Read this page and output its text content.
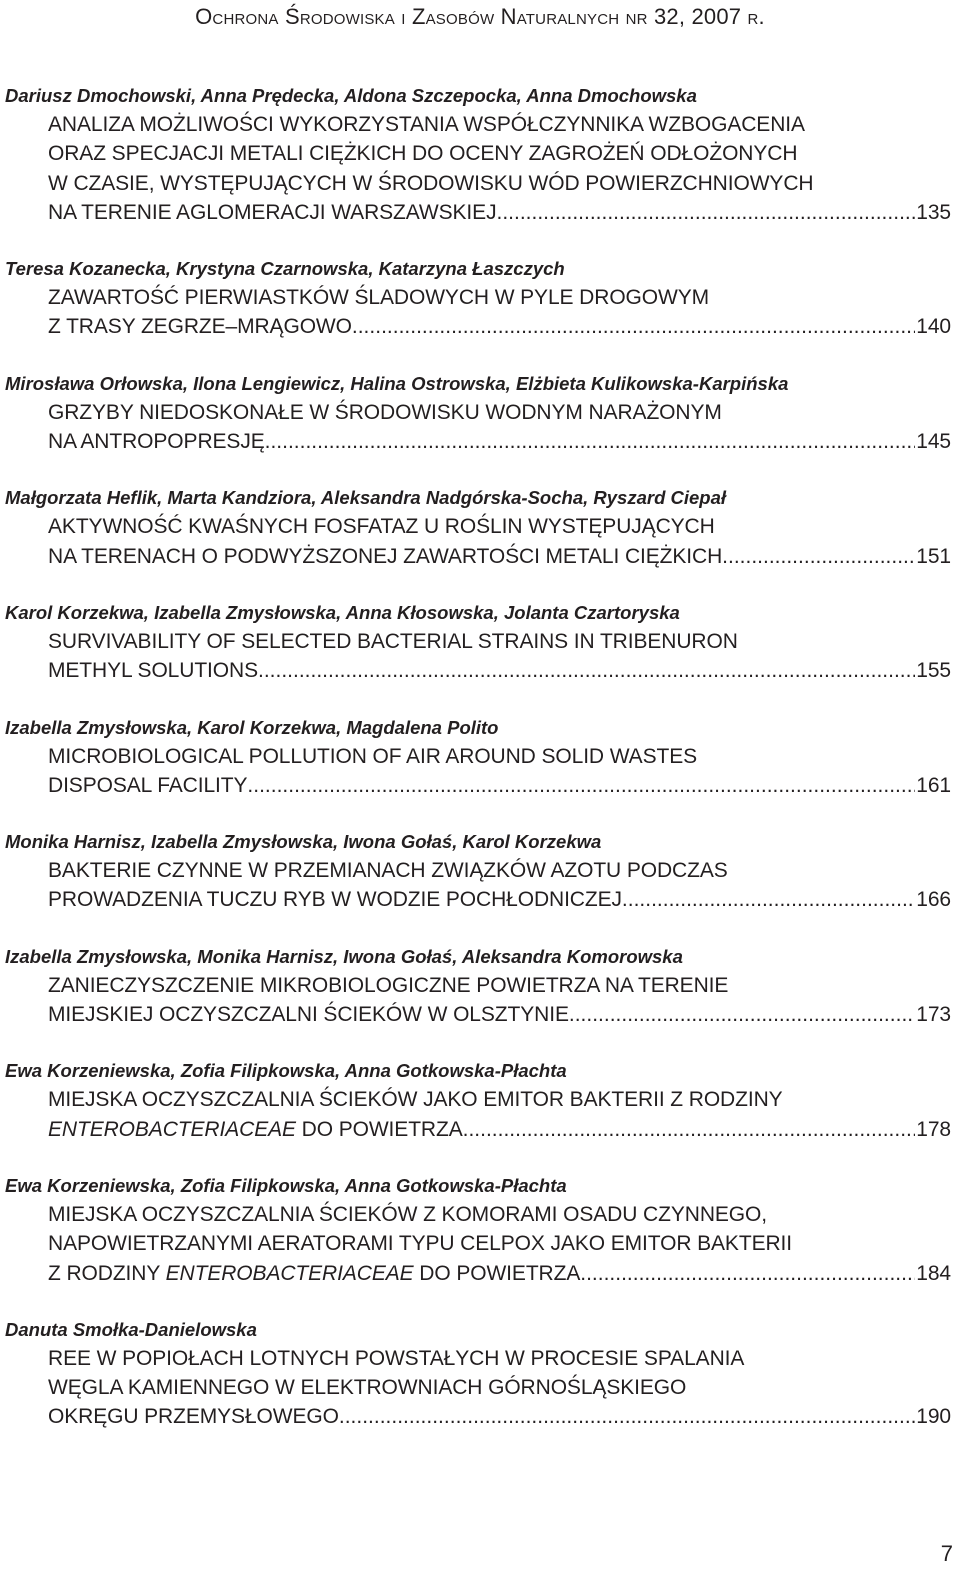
Ochrona Środowiska i Zasobów Naturalnych nr 32, 2007 r.
Dariusz Dmochowski, Anna Prędecka, Aldona Szczepocka, Anna Dmochowska
ANALIZA MOŻLIWOŚCI WYKORZYSTANIA WSPÓŁCZYNNIKA WZBOGACENIA
ORAZ SPECJACJI METALI CIĘŻKICH DO OCENY ZAGROŻEŃ ODŁOŻONYCH
W CZASIE, WYSTĘPUJĄCYCH W ŚRODOWISKU WÓD POWIERZCHNIOWYCH
NA TERENIE AGLOMERACJI WARSZAWSKIEJ .....	135
Teresa Kozanecka, Krystyna Czarnowska, Katarzyna Łaszczych
ZAWARTOŚĆ PIERWIASTKÓW ŚLADOWYCH W PYLE DROGOWYM
Z TRASY ZEGRZE–MRĄGOWO .....	140
Mirosława Orłowska, Ilona Lengiewicz, Halina Ostrowska, Elżbieta Kulikowska-Karpińska
GRZYBY NIEDOSKONAŁE W ŚRODOWISKU WODNYM NARAŻONYM
NA ANTROPOPRESJĘ .....	145
Małgorzata Heflik, Marta Kandziora, Aleksandra Nadgórska-Socha, Ryszard Ciepał
AKTYWNOŚĆ KWAŚNYCH FOSFATAZ U ROŚLIN WYSTĘPUJĄCYCH
NA TERENACH O PODWYŻSZONEJ ZAWARTOŚCI METALI CIĘŻKICH .....	151
Karol Korzekwa, Izabella Zmysłowska, Anna Kłosowska, Jolanta Czartoryska
SURVIVABILITY OF SELECTED BACTERIAL STRAINS IN TRIBENURON
METHYL SOLUTIONS .....	155
Izabella Zmysłowska, Karol Korzekwa, Magdalena Polito
MICROBIOLOGICAL POLLUTION OF AIR AROUND SOLID WASTES
DISPOSAL FACILITY .....	161
Monika Harnisz, Izabella Zmysłowska, Iwona Gołaś, Karol Korzekwa
BAKTERIE CZYNNE W PRZEMIANACH ZWIĄZKÓW AZOTU PODCZAS
PROWADZENIA TUCZU RYB W WODZIE POCHŁODNICZEJ .....	166
Izabella Zmysłowska, Monika Harnisz, Iwona Gołaś, Aleksandra Komorowska
ZANIECZYSZCZENIE MIKROBIOLOGICZNE POWIETRZA NA TERENIE
MIEJSKIEJ OCZYSZCZALNI ŚCIEKÓW W OLSZTYNIE .....	173
Ewa Korzeniewska, Zofia Filipkowska, Anna Gotkowska-Płachta
MIEJSKA OCZYSZCZALNIA ŚCIEKÓW JAKO EMITOR BAKTERII Z RODZINY
ENTEROBACTERIACEAE DO POWIETRZA .....	178
Ewa Korzeniewska, Zofia Filipkowska, Anna Gotkowska-Płachta
MIEJSKA OCZYSZCZALNIA ŚCIEKÓW Z KOMORAMI OSADU CZYNNEGO,
NAPOWIETRZANYMI AERATORAMI TYPU CELPOX JAKO EMITOR BAKTERII
Z RODZINY ENTEROBACTERIACEAE DO POWIETRZA .....	184
Danuta Smołka-Danielowska
REE W POPIOŁACH LOTNYCH POWSTAŁYCH W PROCESIE SPALANIA
WĘGLA KAMIENNEGO W ELEKTROWNIACH GÓRNOŚLĄSKIEGO
OKRĘGU PRZEMYSŁOWEGO .....	190
7
